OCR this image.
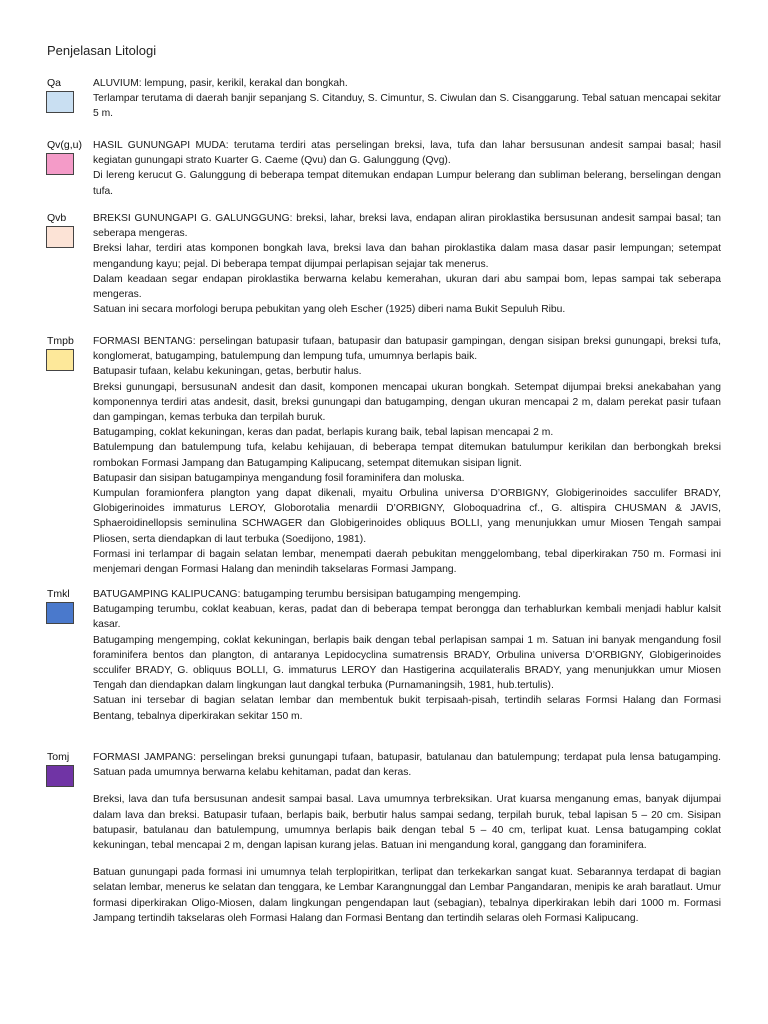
Penjelasan Litologi
Qa	ALUVIUM: lempung, pasir, kerikil, kerakal dan bongkah.

Terlampar terutama di daerah banjir sepanjang S. Citanduy, S. Cimuntur, S. Ciwulan dan S. Cisanggarung. Tebal satuan mencapai sekitar 5 m.

Qv(g,u) HASIL GUNUNGAPI MUDA: terutama terdiri atas perselingan breksi, lava, tufa dan lahar bersusunan andesit sampai basal; hasil kegiatan gunungapi strato Kuarter G. Caeme (Qvu) dan G. Galunggung (Qvg).

Di lereng kerucut G. Galunggung di beberapa tempat ditemukan endapan Lumpur belerang dan subliman belerang, berselingan dengan tufa.

Qvb	BREKSI GUNUNGAPI G. GALUNGGUNG: breksi, lahar, breksi lava, endapan aliran piroklastika bersusunan andesit sampai basal; tan seberapa mengeras.

Breksi lahar, terdiri atas komponen bongkah lava, breksi lava dan bahan piroklastika dalam masa dasar pasir lempungan; setempat mengandung kayu; pejal. Di beberapa tempat dijumpai perlapisan sejajar tak menerus.

Dalam keadaan segar endapan piroklastika berwarna kelabu kemerahan, ukuran dari abu sampai bom, lepas sampai tak seberapa mengeras.

Satuan ini secara morfologi berupa pebukitan yang oleh Escher (1925) diberi nama Bukit Sepuluh Ribu.

Tmpb FORMASI BENTANG: perselingan batupasir tufaan, batupasir dan batupasir gampingan, dengan sisipan breksi gunungapi, breksi tufa, konglomerat, batugamping, batulempung dan lempung tufa, umumnya berlapis baik.

Batupasir tufaan, kelabu kekuningan, getas, berbutir halus.

Breksi gunungapi, bersusunaN andesit dan dasit, komponen mencapai ukuran bongkah. Setempat dijumpai breksi anekabahan yang komponennya terdiri atas andesit, dasit, breksi gunungapi dan batugamping, dengan ukuran mencapai 2 m, dalam perekat pasir tufaan dan gampingan, kemas terbuka dan terpilah buruk.

Batugamping, coklat kekuningan, keras dan padat, berlapis kurang baik, tebal lapisan mencapai 2 m.

Batulempung dan batulempung tufa, kelabu kehijauan, di beberapa tempat ditemukan batulumpur kerikilan dan berbongkah breksi rombokan Formasi Jampang dan Batugamping Kalipucang, setempat ditemukan sisipan lignit.

Batupasir dan sisipan batugampinya mengandung fosil foraminifera dan moluska.

Kumpulan foramionfera plangton yang dapat dikenali, myaitu Orbulina universa D’ORBIGNY, Globigerinoides sacculifer BRADY, Globigerinoides immaturus LEROY, Globorotalia menardii D’ORBIGNY, Globoquadrina cf., G. altispira CHUSMAN & JAVIS, Sphaeroidinellopsis seminulina SCHWAGER dan Globigerinoides obliquus BOLLI, yang menunjukkan umur Miosen Tengah sampai Pliosen, serta diendapkan di laut terbuka (Soedijono, 1981).

Formasi ini terlampar di bagain selatan lembar, menempati daerah pebukitan menggelombang, tebal diperkirakan 750 m. Formasi ini menjemari dengan Formasi Halang dan menindih takselaras Formasi Jampang.

Tmkl BATUGAMPING KALIPUCANG: batugamping terumbu bersisipan batugamping mengemping.

Batugamping terumbu, coklat keabuan, keras, padat dan di beberapa tempat berongga dan terhablurkan kembali menjadi hablur kalsit kasar.

Batugamping mengemping, coklat kekuningan, berlapis baik dengan tebal perlapisan sampai 1 m. Satuan ini banyak mengandung fosil foraminifera bentos dan plangton, di antaranya Lepidocyclina sumatrensis BRADY, Orbulina universa D’ORBIGNY, Globigerinoides scculifer BRADY, G. obliquus BOLLI, G. immaturus LEROY dan Hastigerina acquilateralis BRADY, yang menunjukkan umur Miosen Tengah dan diendapkan dalam lingkungan laut dangkal terbuka (Purnamaningsih, 1981, hub.tertulis).

Satuan ini tersebar di bagian selatan lembar dan membentuk bukit terpisaah-pisah, tertindih selaras Formsi Halang dan Formasi Bentang, tebalnya diperkirakan sekitar 150 m.

Tomj FORMASI JAMPANG: perselingan breksi gunungapi tufaan, batupasir, batulanau dan batulempung; terdapat pula lensa batugamping. Satuan pada umumnya berwarna kelabu kehitaman, padat dan keras.

Breksi, lava dan tufa bersusunan andesit sampai basal. Lava umumnya terbreksikan. Urat kuarsa menganung emas, banyak dijumpai dalam lava dan breksi. Batupasir tufaan, berlapis baik, berbutir halus sampai sedang, terpilah buruk, tebal lapisan 5 – 20 cm. Sisipan batupasir, batulanau dan batulempung, umumnya berlapis baik dengan tebal 5 – 40 cm, terlipat kuat. Lensa batugamping coklat kekuningan, tebal mencapai 2 m, dengan lapisan kurang jelas. Batuan ini mengandung koral, ganggang dan foraminifera.

Batuan gunungapi pada formasi ini umumnya telah terplopiritkan, terlipat dan terkekarkan sangat kuat. Sebarannya terdapat di bagian selatan lembar, menerus ke selatan dan tenggara, ke Lembar Karangnunggal dan Lembar Pangandaran, menipis ke arah baratlaut. Umur formasi diperkirakan Oligo-Miosen, dalam lingkungan pengendapan laut (sebagian), tebalnya diperkirakan lebih dari 1000 m. Formasi Jampang tertindih takselaras oleh Formasi Halang dan Formasi Bentang dan tertindih selaras oleh Formasi Kalipucang.
